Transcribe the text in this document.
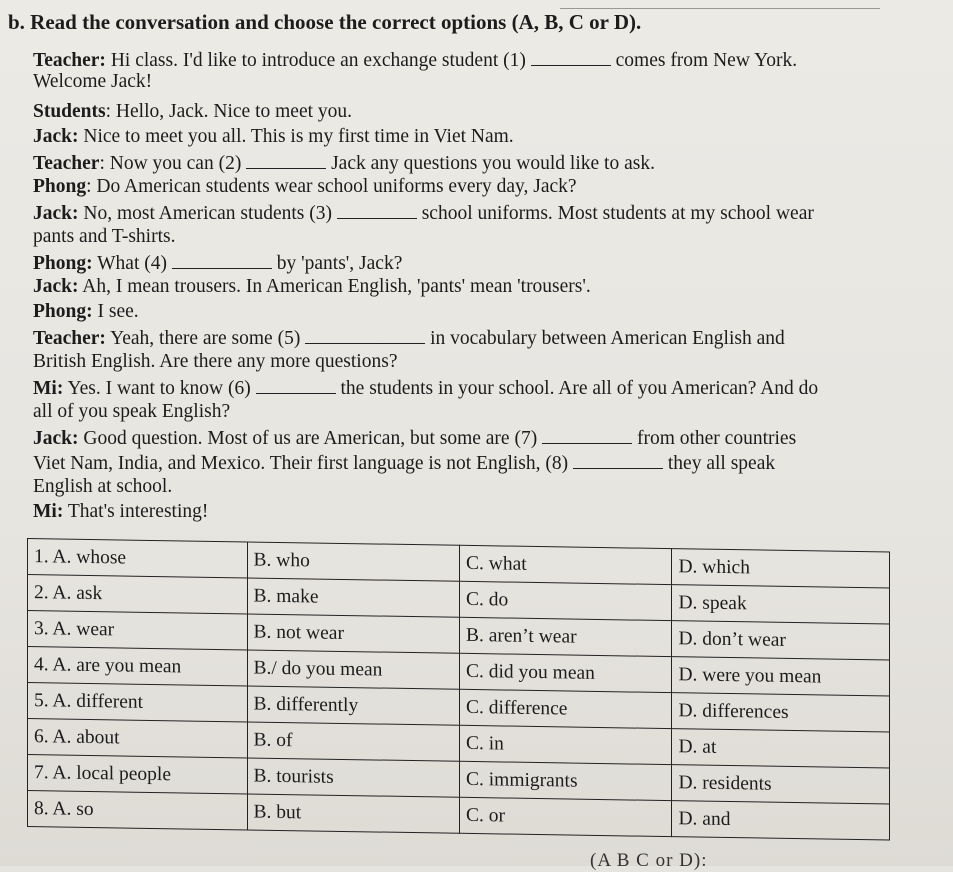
b. Read the conversation and choose the correct options (A, B, C or D).
Teacher: Hi class. I'd like to introduce an exchange student (1)	comes from New York.
Welcome Jack!
Students: Hello, Jack. Nice to meet you.
Jack: Nice to meet you all. This is my first time in Viet Nam.
Teacher: Now you can (2)	Jack any questions you would like to ask.
Phong: Do American students wear school uniforms every day, Jack?
Jack: No, most American students (3)	school uniforms. Most students at my school wear
pants and T-shirts.
Phong: What (4)	by 'pants', Jack?
Jack: Ah, I mean trousers. In American English, 'pants' mean 'trousers'.
Phong: I see.
Teacher: Yeah, there are some (5)	in vocabulary between American English and
British English. Are there any more questions?
Mi: Yes. I want to know (6)	the students in your school. Are all of you American? And do
all of you speak English?
Jack: Good question. Most of us are American, but some are (7)	from other countries
Viet Nam, India, and Mexico. Their first language is not English, (8)	they all speak
English at school.
Mi: That's interesting!
1. A. whose	B. who	C. what	D. which
2. A. ask	B. make	C. do	D. speak
3. A. wear	B. not wear	B. aren’t wear	D. don’t wear
4. A. are you mean	B./ do you mean	C. did you mean	D. were you mean
5. A. different	B. differently	C. difference	D. differences
6. A. about	B. of	C. in	D. at
7. A. local people	B. tourists	C. immigrants	D. residents
8. A. so	B. but	C. or	D. and
(A B C or D):
